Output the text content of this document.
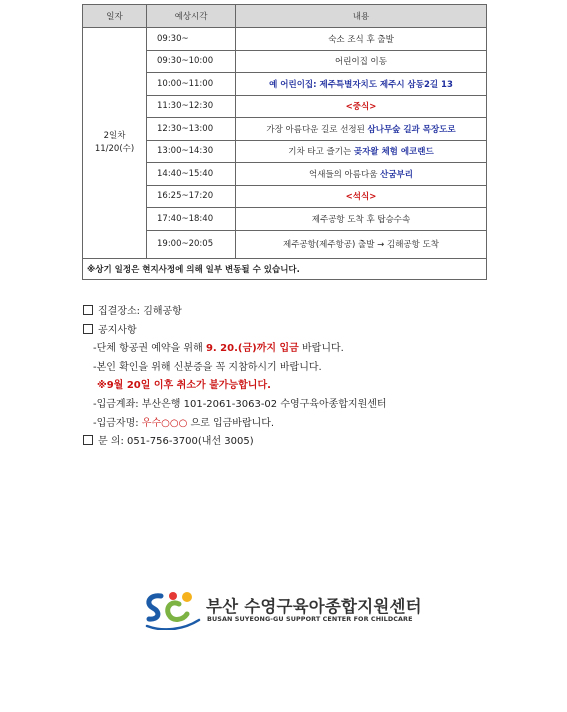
일자	예상시각	내용

2일차
11/20(수)	09:30~	숙소 조식 후 출발
	09:30~10:00	어린이집 이동
	10:00~11:00	예 어린이집: 제주특별자치도 제주시 삼동2길 13
	11:30~12:30	<중식>
	12:30~13:00	가장 아름다운 길로 선정된 삼나무숲 길과 목장도로
	13:00~14:30	기차 타고 즐기는 곶자왈 체험 에코랜드
	14:40~15:40	억새들의 아름다움 산굼부리
	16:25~17:20	<석식>
	17:40~18:40	제주공항 도착 후 탑승수속
	19:00~20:05	제주공항(제주항공) 출발 → 김해공항 도착
※상기 일정은 현지사정에 의해 일부 변동될 수 있습니다.		
집결장소: 김해공항
공지사항
-단체 항공권 예약을 위해 9. 20.(금)까지 입금 바랍니다.
-본인 확인을 위해 신분증을 꼭 지참하시기 바랍니다.
※9월 20일 이후 취소가 불가능합니다.
-입금계좌: 부산은행 101-2061-3063-02 수영구육아종합지원센터
-입금자명: 우수○○○ 으로 입금바랍니다.
문 의: 051-756-3700(내선 3005)
부산 수영구육아종합지원센터
BUSAN SUYEONG-GU SUPPORT CENTER FOR CHILDCARE
